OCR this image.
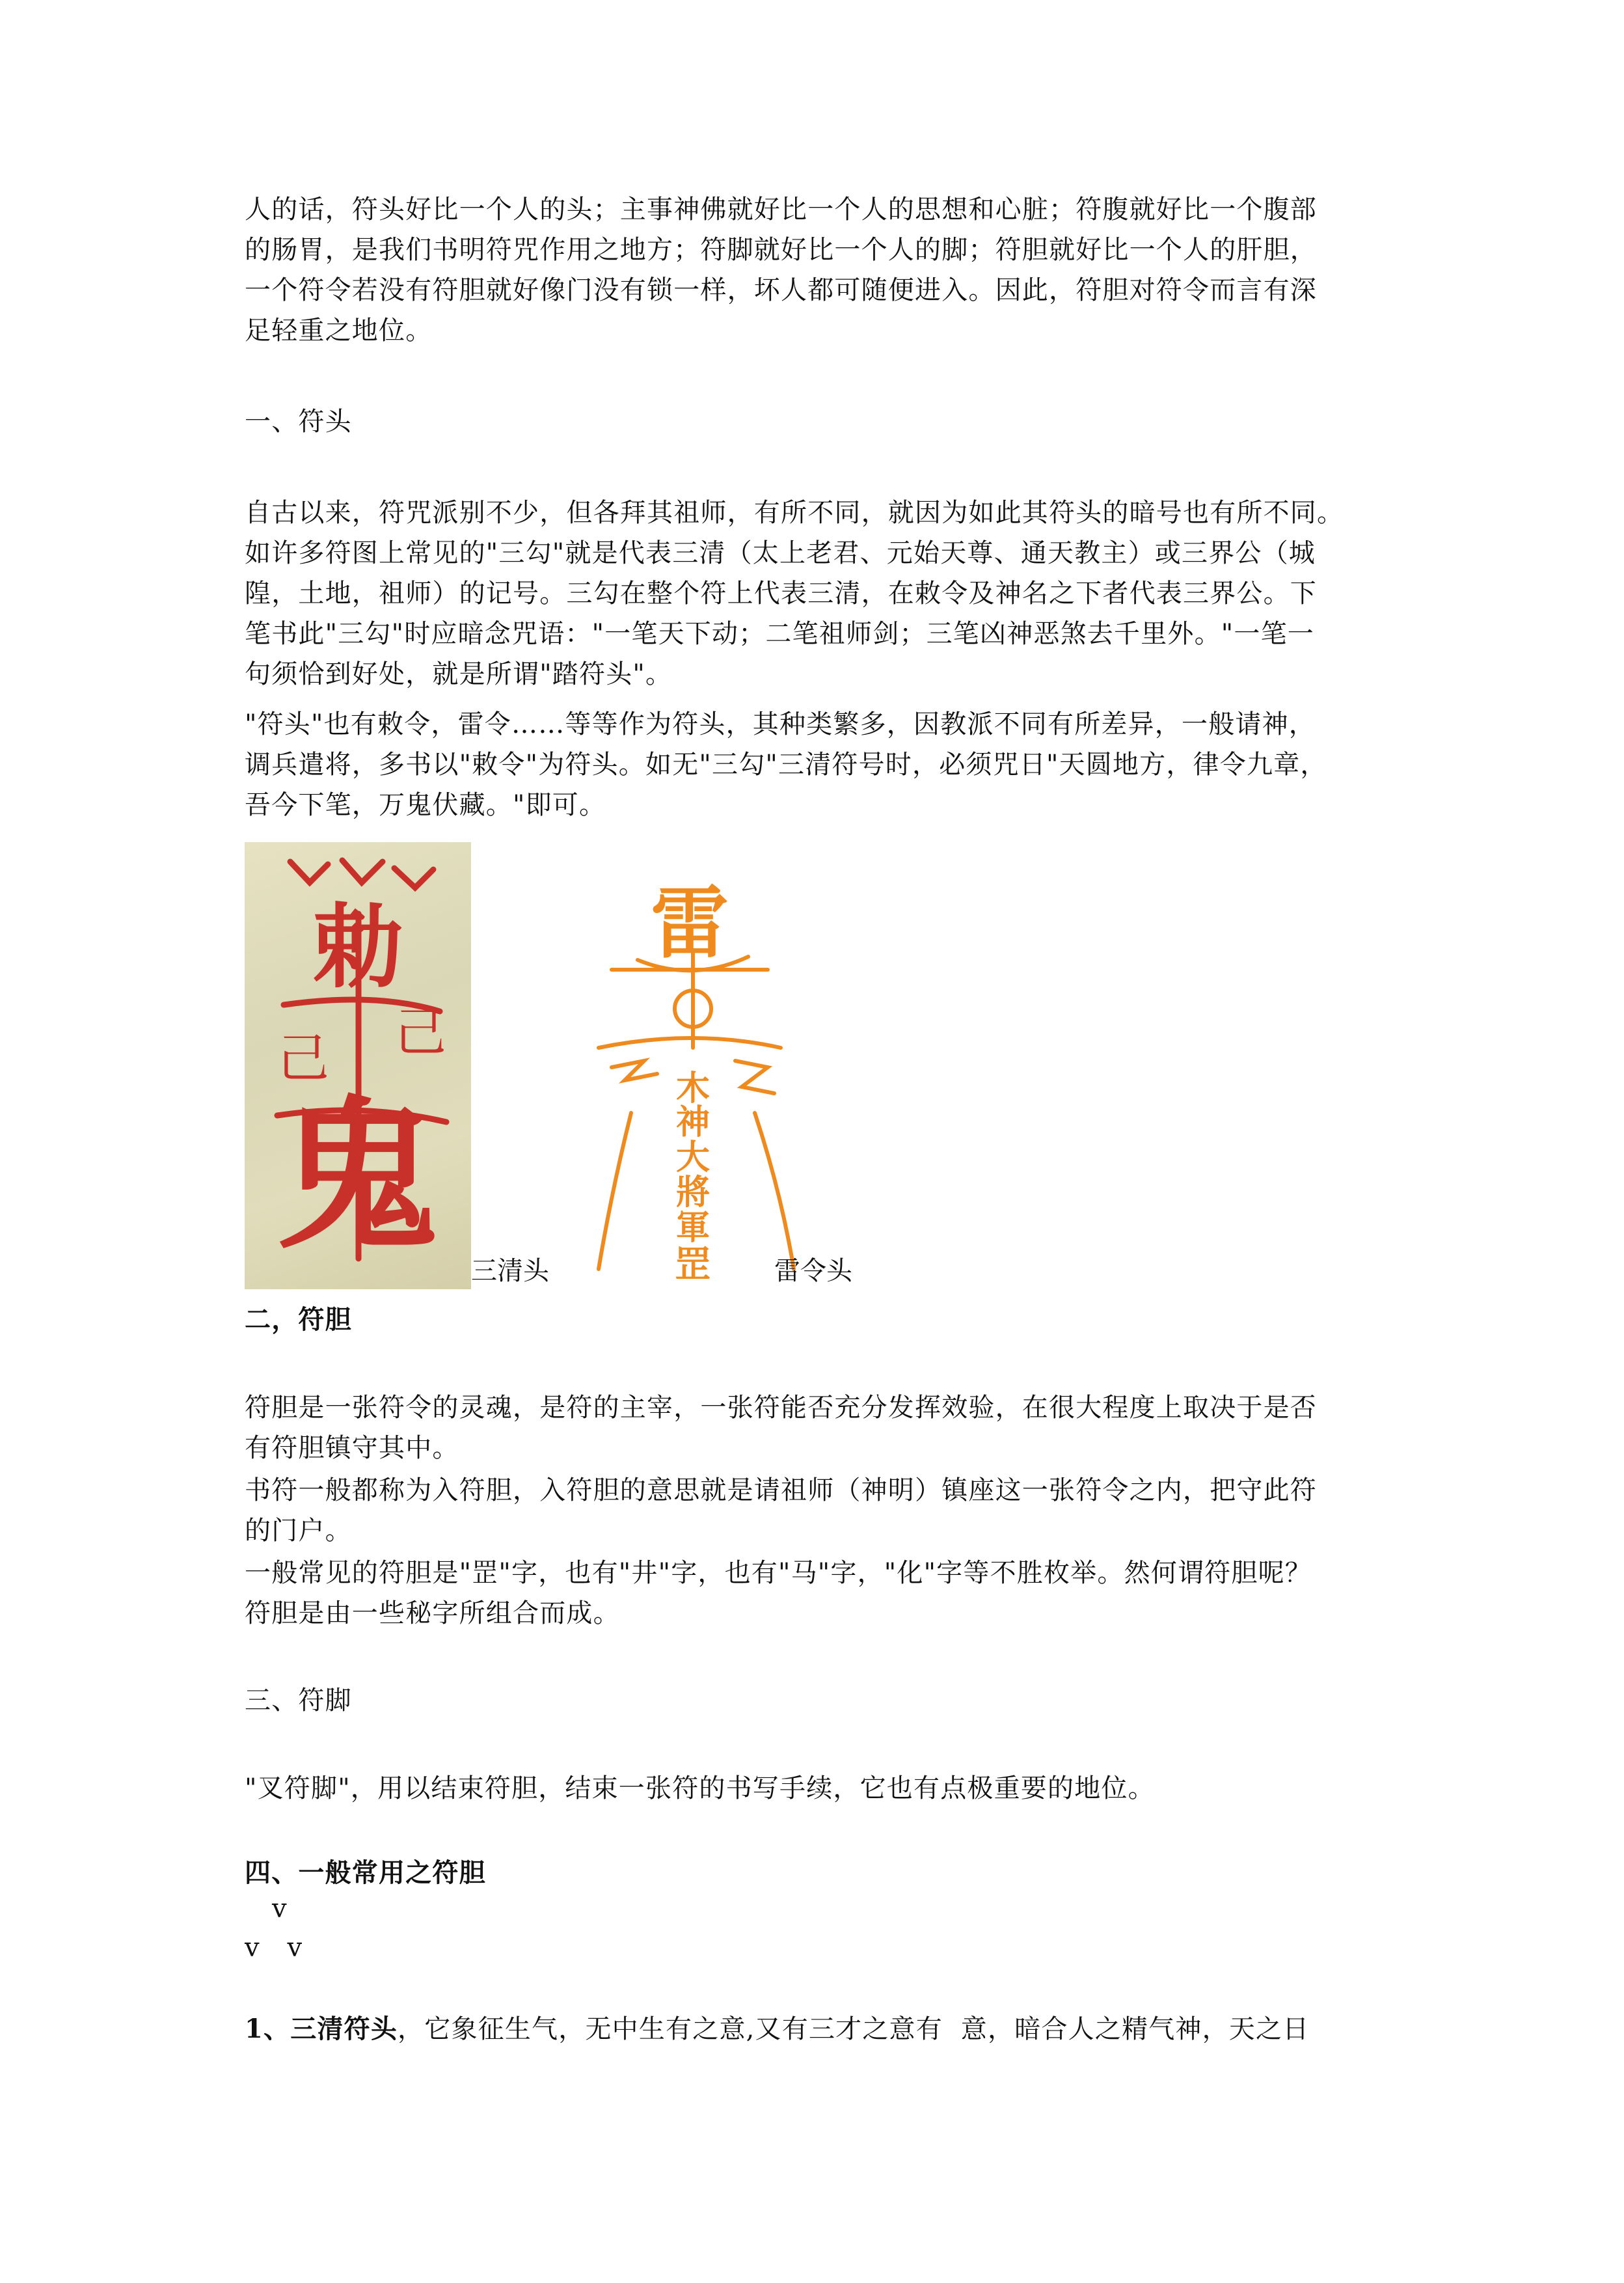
人的话，符头好比一个人的头；主事神佛就好比一个人的思想和心脏；符腹就好比一个腹部

的肠胃，是我们书明符咒作用之地方；符脚就好比一个人的脚；符胆就好比一个人的肝胆，

一个符令若没有符胆就好像门没有锁一样，坏人都可随便进入。因此，符胆对符令而言有深

足轻重之地位。

一、符头

自古以来，符咒派别不少，但各拜其祖师，有所不同，就因为如此其符头的暗号也有所不同。

如许多符图上常见的"三勾"就是代表三清（太上老君、元始天尊、通天教主）或三界公（城

隍，土地，祖师）的记号。三勾在整个符上代表三清，在敕令及神名之下者代表三界公。下

笔书此"三勾"时应暗念咒语："一笔天下动；二笔祖师剑；三笔凶神恶煞去千里外。"一笔一

句须恰到好处，就是所谓"踏符头"。

"符头"也有敕令，雷令……等等作为符头，其种类繁多，因教派不同有所差异，一般请神，

调兵遣将，多书以"敕令"为符头。如无"三勾"三清符号时，必须咒日"天圆地方，律令九章，

吾今下笔，万鬼伏藏。"即可。

勅
己
己
鬼 三清头
雷
木
神
大
將
軍
罡 雷令头

二，符胆

符胆是一张符令的灵魂，是符的主宰，一张符能否充分发挥效验，在很大程度上取决于是否

有符胆镇守其中。

书符一般都称为入符胆，入符胆的意思就是请祖师（神明）镇座这一张符令之内，把守此符

的门户。

一般常见的符胆是"罡"字，也有"井"字，也有"马"字，"化"字等不胜枚举。然何谓符胆呢？

符胆是由一些秘字所组合而成。

三、符脚

"叉符脚"，用以结束符胆，结束一张符的书写手续，它也有点极重要的地位。

四、一般常用之符胆

v

v   v

1、三清符头，它象征生气，无中生有之意,又有三才之意有  意，暗合人之精气神，天之日
